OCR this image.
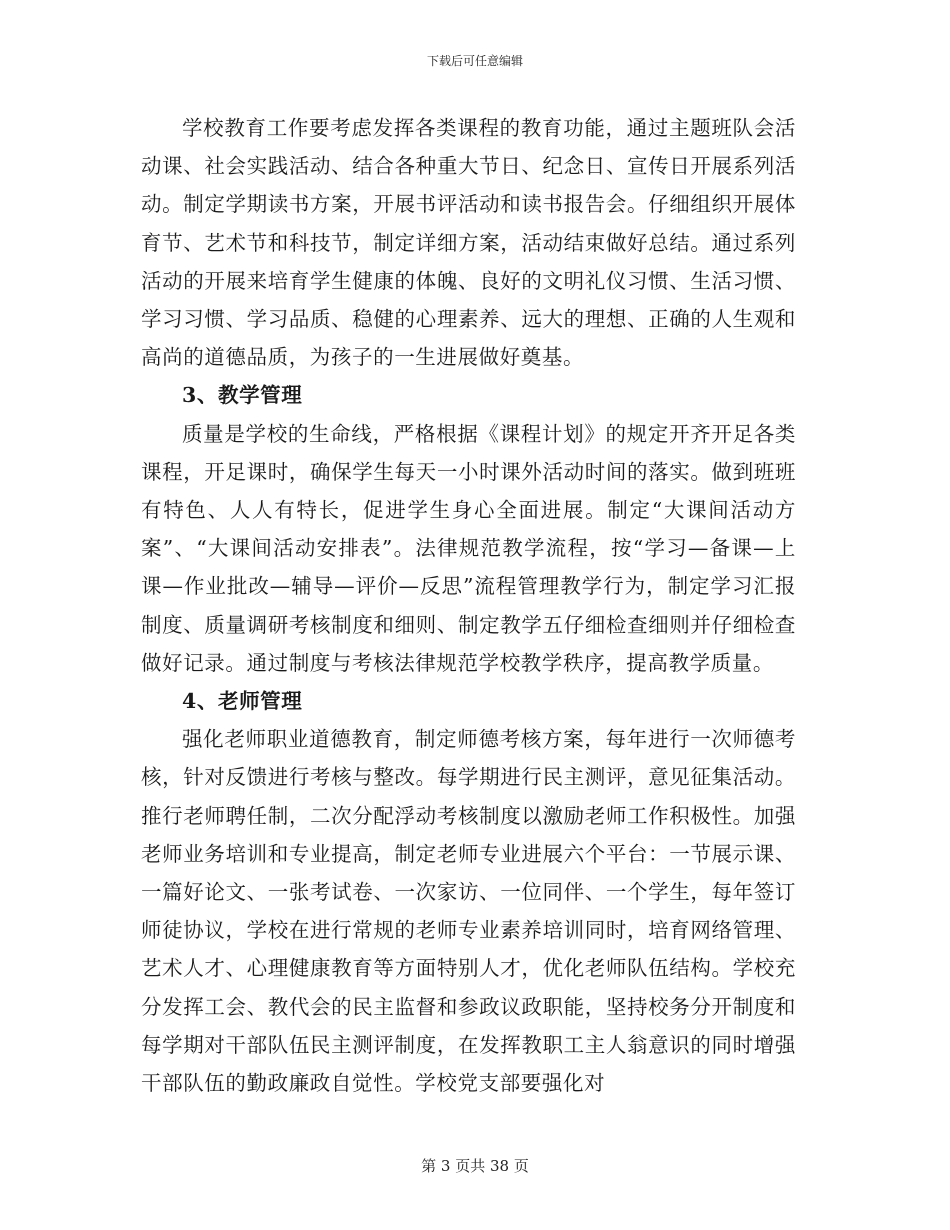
下载后可任意编辑

学校教育工作要考虑发挥各类课程的教育功能，通过主题班队会活动课、社会实践活动、结合各种重大节日、纪念日、宣传日开展系列活动。制定学期读书方案，开展书评活动和读书报告会。仔细组织开展体育节、艺术节和科技节，制定详细方案，活动结束做好总结。通过系列活动的开展来培育学生健康的体魄、良好的文明礼仪习惯、生活习惯、学习习惯、学习品质、稳健的心理素养、远大的理想、正确的人生观和高尚的道德品质，为孩子的一生进展做好奠基。

3、教学管理

质量是学校的生命线，严格根据《课程计划》的规定开齐开足各类课程，开足课时，确保学生每天一小时课外活动时间的落实。做到班班有特色、人人有特长，促进学生身心全面进展。制定“大课间活动方案”、“大课间活动安排表”。法律规范教学流程，按“学习—备课—上课—作业批改—辅导—评价—反思”流程管理教学行为，制定学习汇报制度、质量调研考核制度和细则、制定教学五仔细检查细则并仔细检查做好记录。通过制度与考核法律规范学校教学秩序，提高教学质量。

4、老师管理

强化老师职业道德教育，制定师德考核方案，每年进行一次师德考核，针对反馈进行考核与整改。每学期进行民主测评，意见征集活动。推行老师聘任制，二次分配浮动考核制度以激励老师工作积极性。加强老师业务培训和专业提高，制定老师专业进展六个平台：一节展示课、一篇好论文、一张考试卷、一次家访、一位同伴、一个学生，每年签订师徒协议，学校在进行常规的老师专业素养培训同时，培育网络管理、艺术人才、心理健康教育等方面特别人才，优化老师队伍结构。学校充分发挥工会、教代会的民主监督和参政议政职能，坚持校务分开制度和每学期对干部队伍民主测评制度，在发挥教职工主人翁意识的同时增强干部队伍的勤政廉政自觉性。学校党支部要强化对

第 3 页共 38 页
